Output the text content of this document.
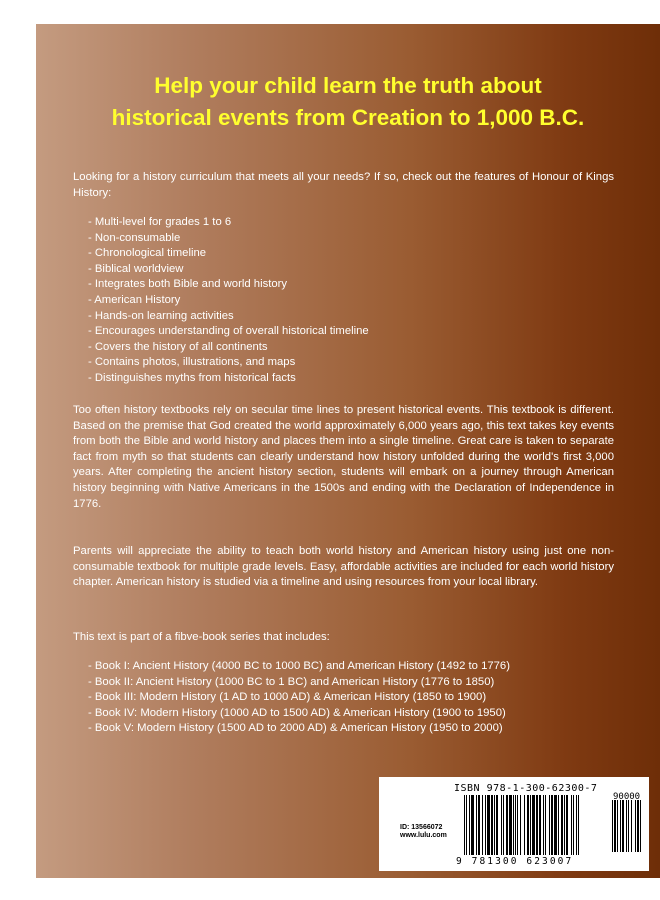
Help your child learn the truth about
historical events from Creation to 1,000 B.C.

Looking for a history curriculum that meets all your needs? If so, check out the features of Honour of Kings History:

- Multi-level for grades 1 to 6
- Non-consumable
- Chronological timeline
- Biblical worldview
- Integrates both Bible and world history
- American History
- Hands-on learning activities
- Encourages understanding of overall historical timeline
- Covers the history of all continents
- Contains photos, illustrations, and maps
- Distinguishes myths from historical facts

Too often history textbooks rely on secular time lines to present historical events. This textbook is different. Based on the premise that God created the world approximately 6,000 years ago, this text takes key events from both the Bible and world history and places them into a single timeline. Great care is taken to separate fact from myth so that students can clearly understand how history unfolded during the world's first 3,000 years. After completing the ancient history section, students will embark on a journey through American history beginning with Native Americans in the 1500s and ending with the Declaration of Independence in 1776.

Parents will appreciate the ability to teach both world history and American history using just one non-consumable textbook for multiple grade levels. Easy, affordable activities are included for each world history chapter. American history is studied via a timeline and using resources from your local library.

This text is part of a fibve-book series that includes:

- Book I: Ancient History (4000 BC to 1000 BC) and American History (1492 to 1776)
- Book II: Ancient History (1000 BC to 1 BC) and American History (1776 to 1850)
- Book III: Modern History (1 AD to 1000 AD) & American History (1850 to 1900)
- Book IV: Modern History (1000 AD to 1500 AD) & American History (1900 to 1950)
- Book V: Modern History (1500 AD to 2000 AD) & American History (1950 to 2000)
ISBN 978-1-300-62300-7
ID: 13566072
www.lulu.com
90000
9 781300 623007
